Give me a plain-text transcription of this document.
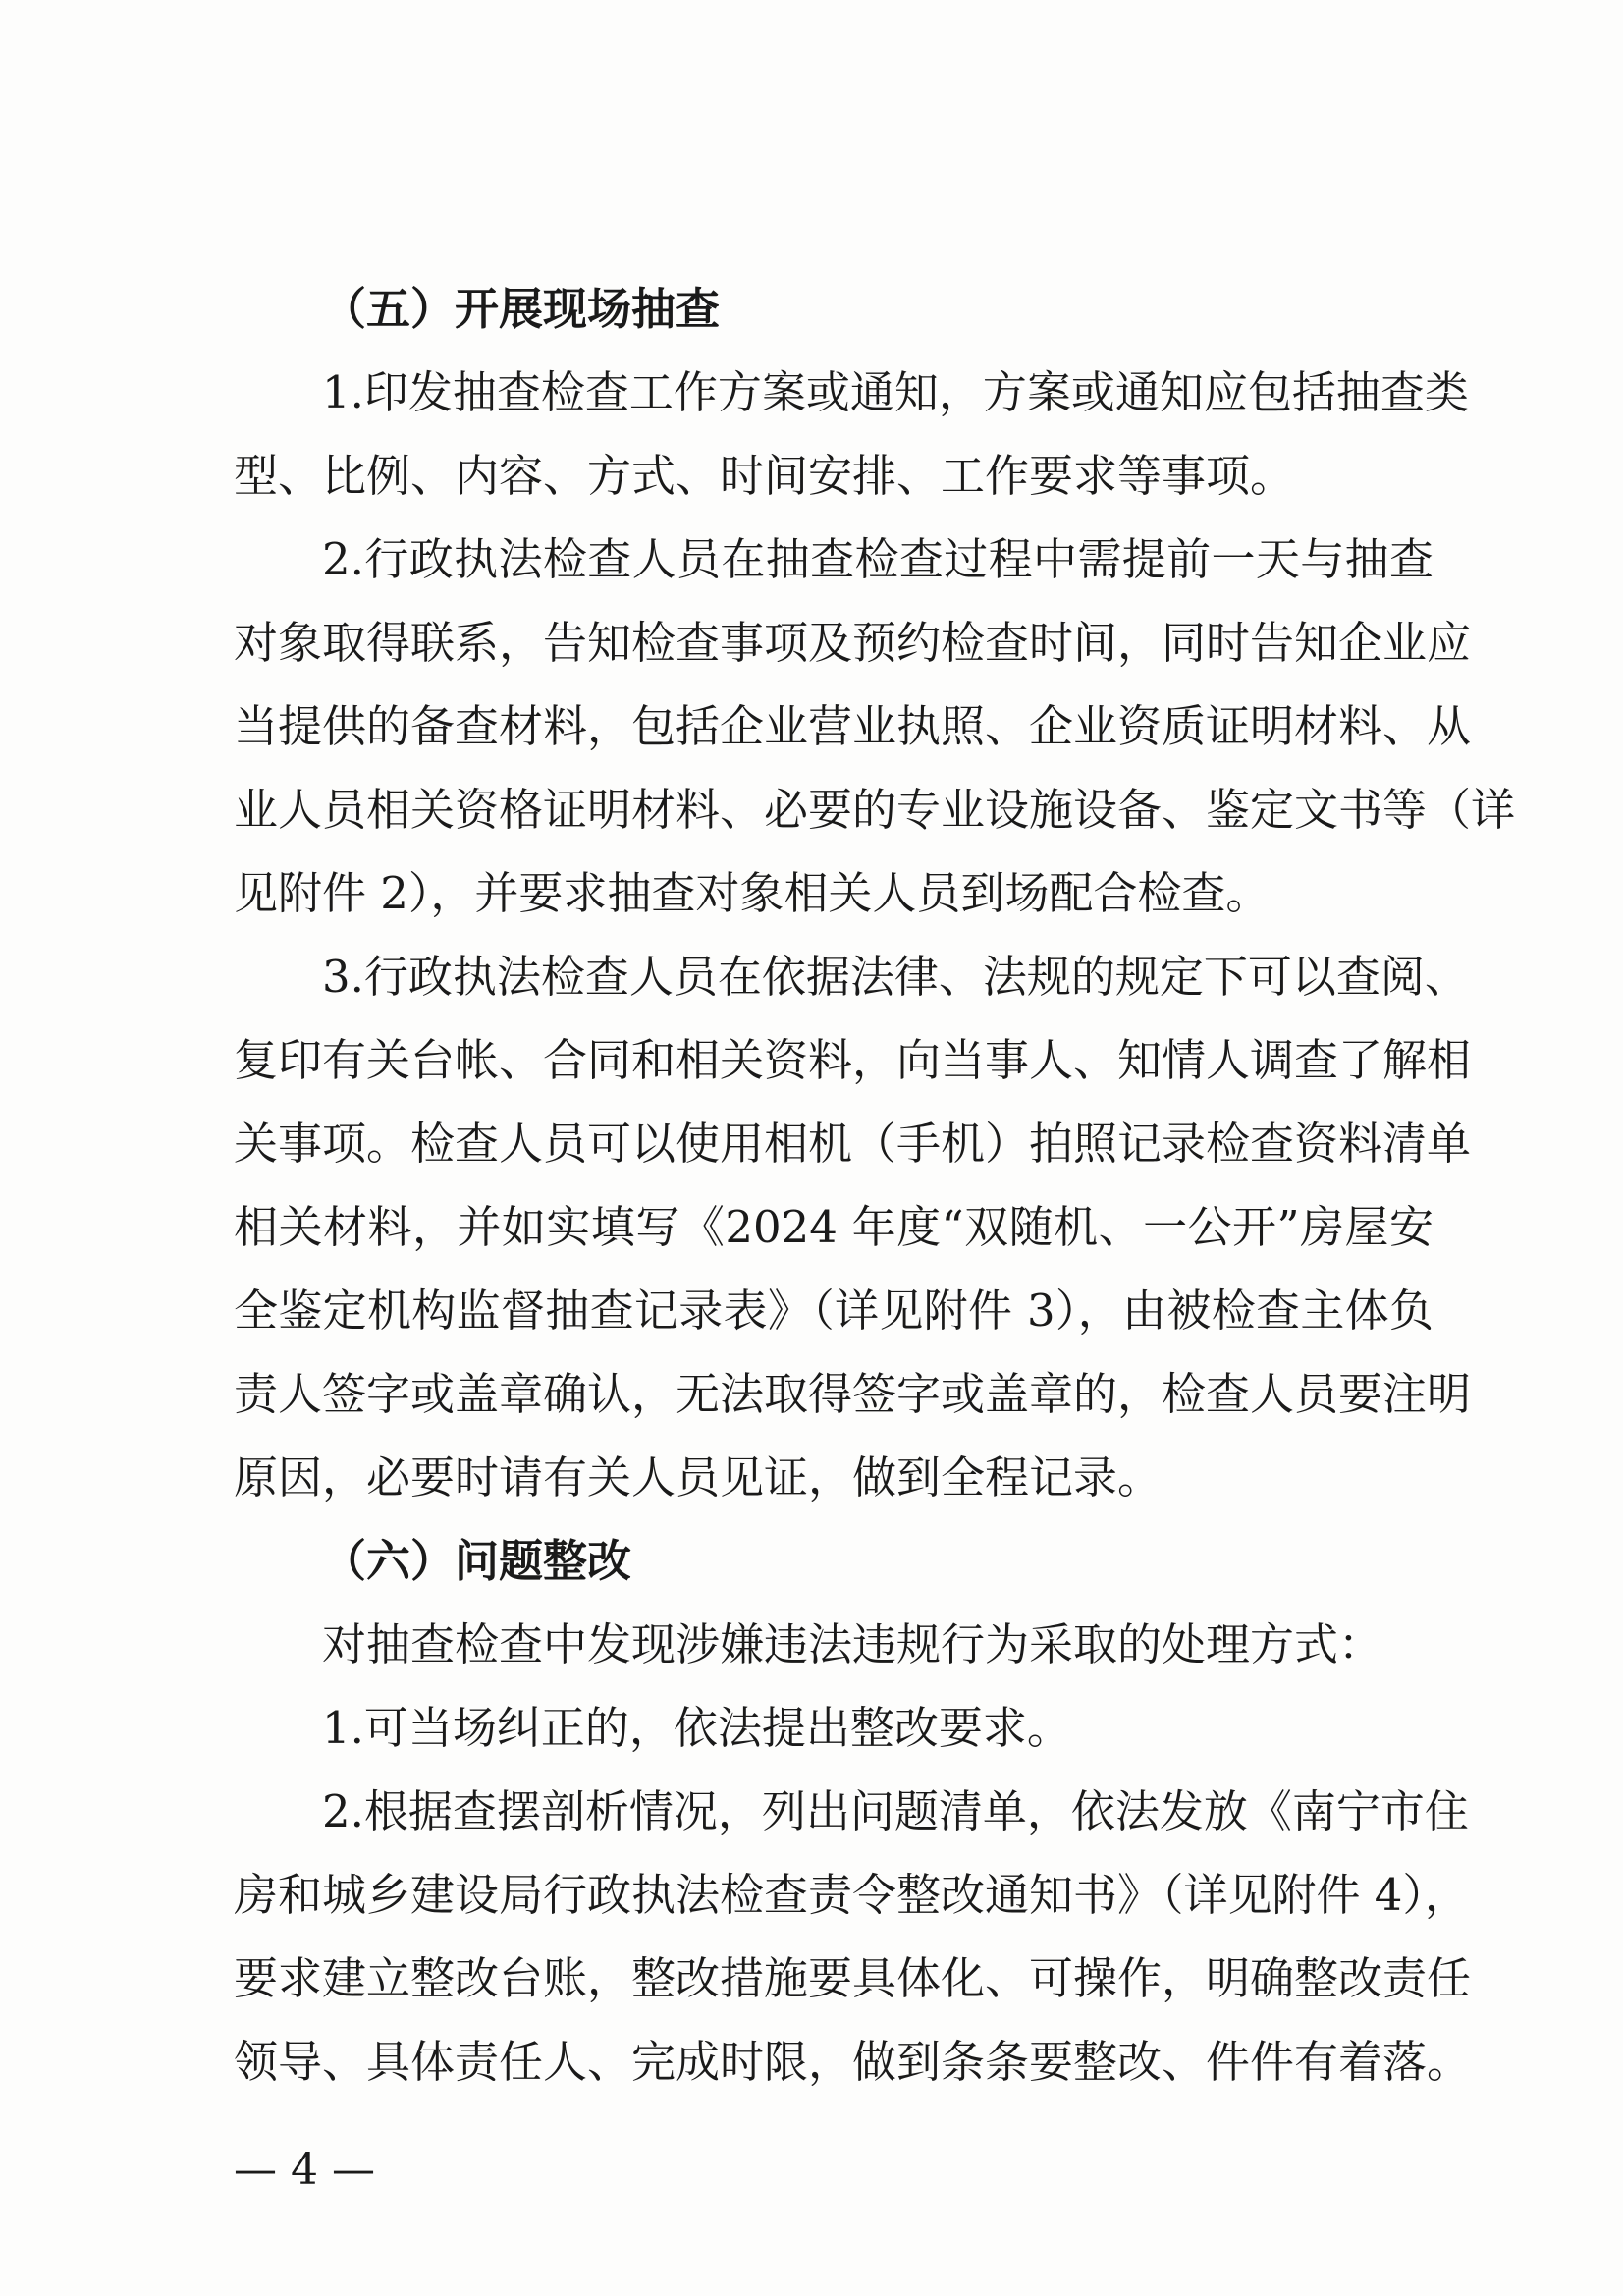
（五）开展现场抽查
1.印发抽查检查工作方案或通知，方案或通知应包括抽查类
型、比例、内容、方式、时间安排、工作要求等事项。
2.行政执法检查人员在抽查检查过程中需提前一天与抽查
对象取得联系，告知检查事项及预约检查时间，同时告知企业应
当提供的备查材料，包括企业营业执照、企业资质证明材料、从
业人员相关资格证明材料、必要的专业设施设备、鉴定文书等（详
见附件 2），并要求抽查对象相关人员到场配合检查。
3.行政执法检查人员在依据法律、法规的规定下可以查阅、
复印有关台帐、合同和相关资料，向当事人、知情人调查了解相
关事项。检查人员可以使用相机（手机）拍照记录检查资料清单
相关材料，并如实填写《2024 年度“双随机、一公开”房屋安
全鉴定机构监督抽查记录表》（详见附件 3），由被检查主体负
责人签字或盖章确认，无法取得签字或盖章的，检查人员要注明
原因，必要时请有关人员见证，做到全程记录。
（六）问题整改
对抽查检查中发现涉嫌违法违规行为采取的处理方式：
1.可当场纠正的，依法提出整改要求。
2.根据查摆剖析情况，列出问题清单，依法发放《南宁市住
房和城乡建设局行政执法检查责令整改通知书》（详见附件 4），
要求建立整改台账，整改措施要具体化、可操作，明确整改责任
领导、具体责任人、完成时限，做到条条要整改、件件有着落。
— 4 —
